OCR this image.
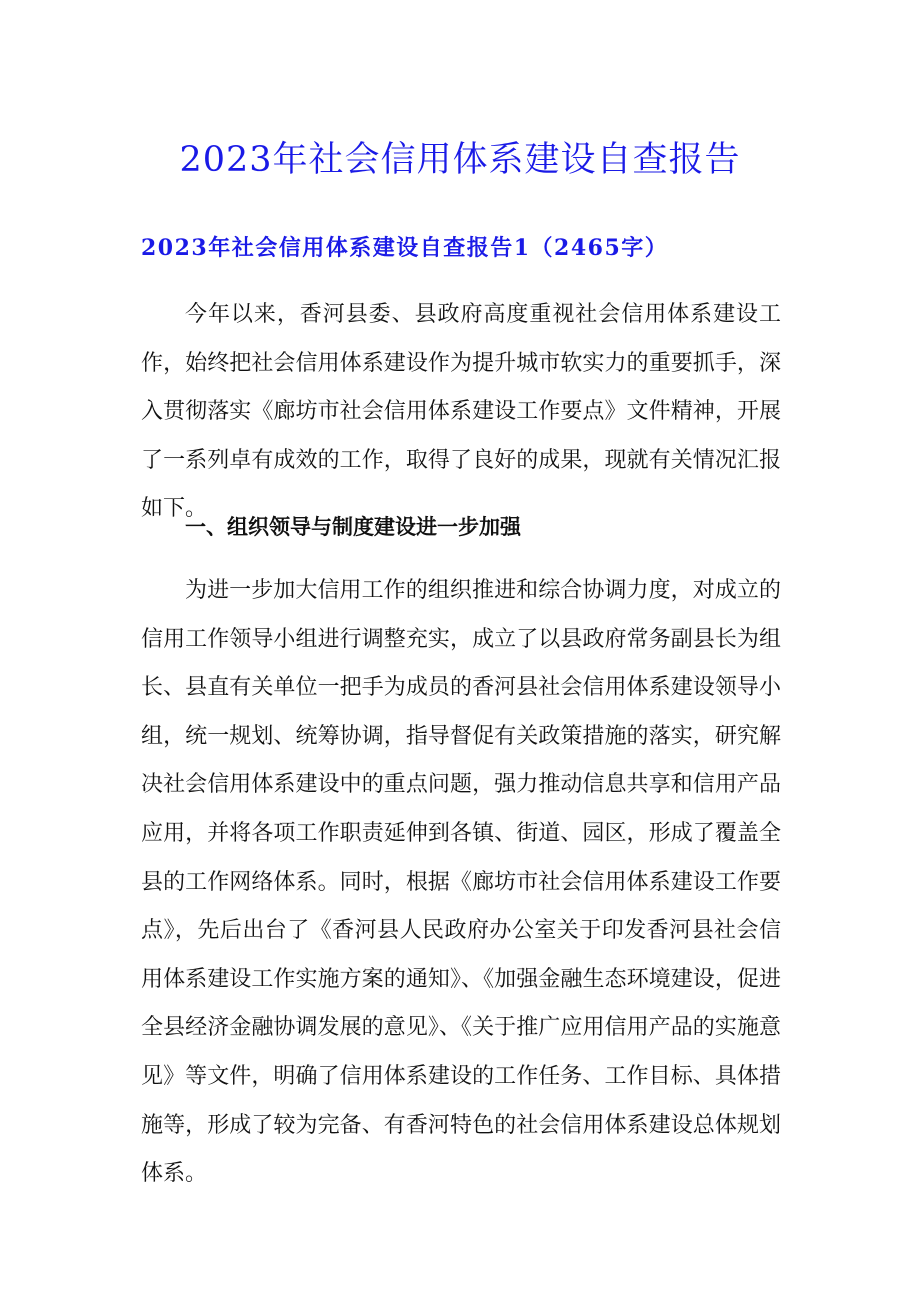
2023年社会信用体系建设自查报告
2023年社会信用体系建设自查报告1（2465字）

今年以来，香河县委、县政府高度重视社会信用体系建设工作，始终把社会信用体系建设作为提升城市软实力的重要抓手，深入贯彻落实《廊坊市社会信用体系建设工作要点》文件精神，开展了一系列卓有成效的工作，取得了良好的成果，现就有关情况汇报如下。

一、组织领导与制度建设进一步加强

为进一步加大信用工作的组织推进和综合协调力度，对成立的信用工作领导小组进行调整充实，成立了以县政府常务副县长为组长、县直有关单位一把手为成员的香河县社会信用体系建设领导小组，统一规划、统筹协调，指导督促有关政策措施的落实，研究解决社会信用体系建设中的重点问题，强力推动信息共享和信用产品应用，并将各项工作职责延伸到各镇、街道、园区，形成了覆盖全县的工作网络体系。同时，根据《廊坊市社会信用体系建设工作要点》，先后出台了《香河县人民政府办公室关于印发香河县社会信用体系建设工作实施方案的通知》、《加强金融生态环境建设，促进全县经济金融协调发展的意见》、《关于推广应用信用产品的实施意见》等文件，明确了信用体系建设的工作任务、工作目标、具体措施等，形成了较为完备、有香河特色的社会信用体系建设总体规划体系。
